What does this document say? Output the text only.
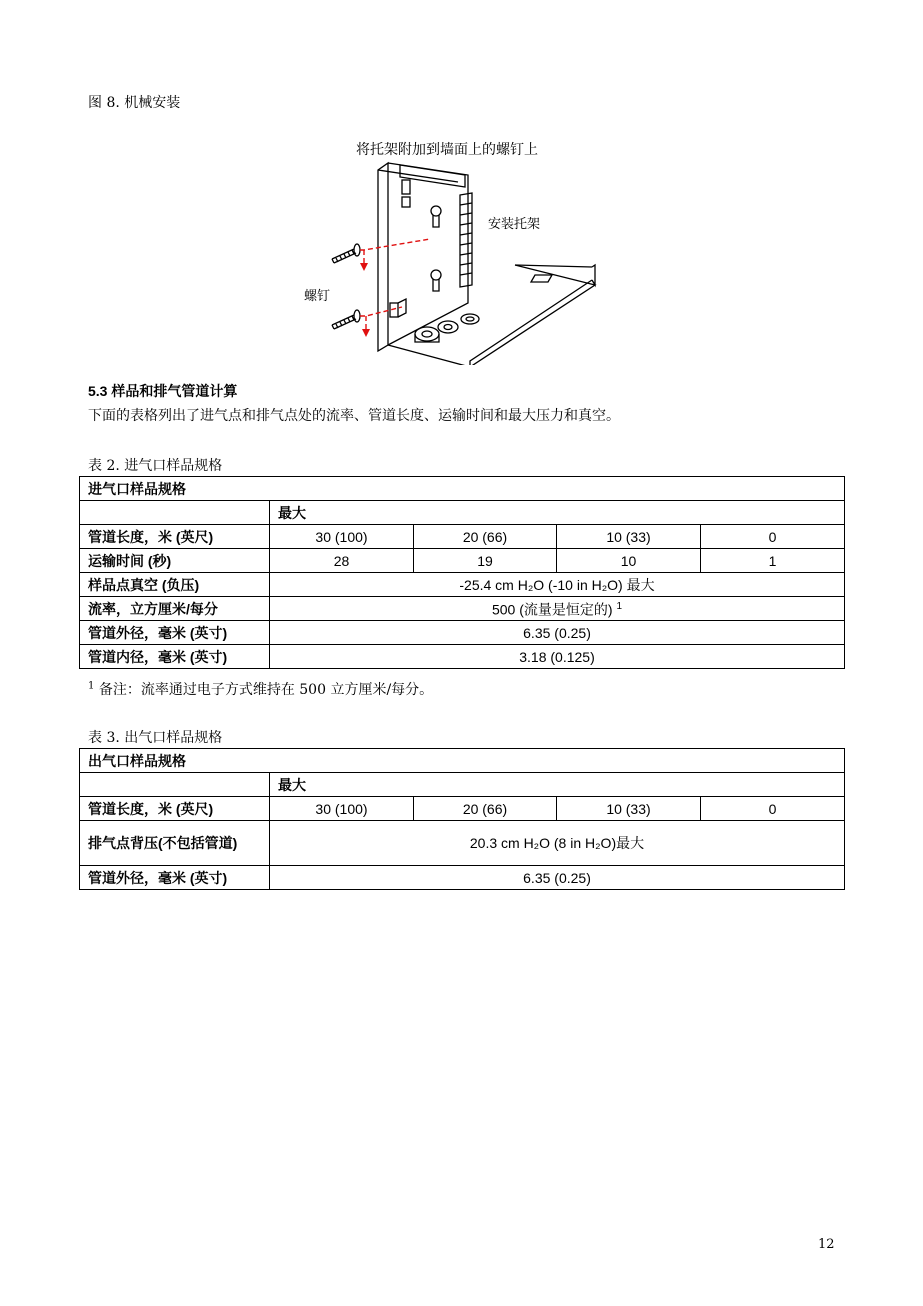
图 8. 机械安装
将托架附加到墙面上的螺钉上
安装托架
螺钉
5.3 样品和排气管道计算
下面的表格列出了进气点和排气点处的流率、管道长度、运输时间和最大压力和真空。
表 2. 进气口样品规格
进气口样品规格				
	最大			
管道长度，米 (英尺)	30 (100)	20 (66)	10 (33)	0
运输时间 (秒)	28	19	10	1
样品点真空 (负压)	-25.4 cm H₂O (-10 in H₂O) 最大			
流率，立方厘米/每分	500 (流量是恒定的) $^1$
管道外径，毫米 (英寸)	6.35 (0.25)			
管道内径，毫米 (英寸)	3.18 (0.125)			
$^1$ 备注：流率通过电子方式维持在 500 立方厘米/每分。
表 3. 出气口样品规格
出气口样品规格				
	最大			
管道长度，米 (英尺)	30 (100)	20 (66)	10 (33)	0
排气点背压(不包括管道)	20.3 cm H₂O (8 in H₂O)最大			
管道外径，毫米 (英寸)	6.35 (0.25)			
12
